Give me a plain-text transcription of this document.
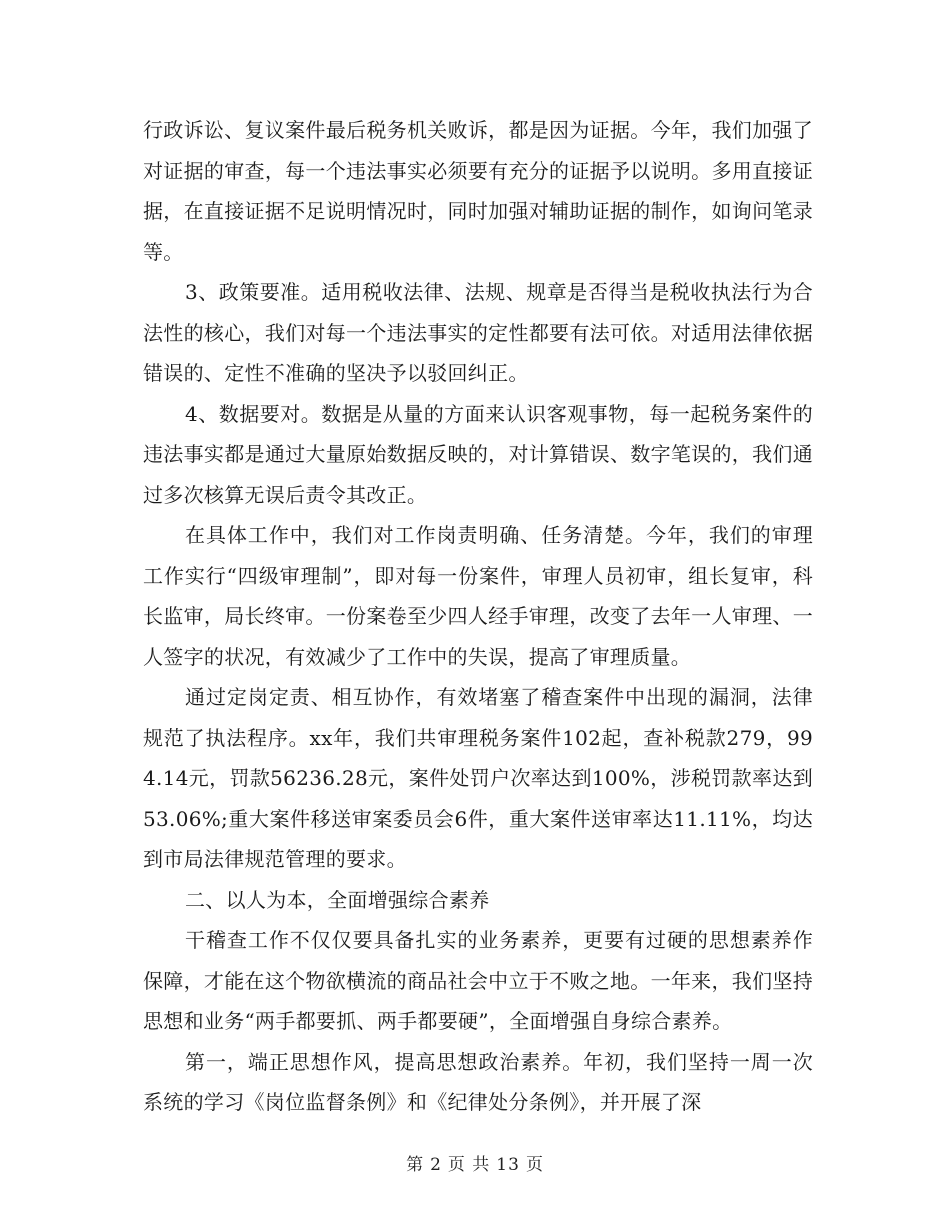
行政诉讼、复议案件最后税务机关败诉，都是因为证据。今年，我们加强了对证据的审查，每一个违法事实必须要有充分的证据予以说明。多用直接证据，在直接证据不足说明情况时，同时加强对辅助证据的制作，如询问笔录等。

3、政策要准。适用税收法律、法规、规章是否得当是税收执法行为合法性的核心，我们对每一个违法事实的定性都要有法可依。对适用法律依据错误的、定性不准确的坚决予以驳回纠正。

4、数据要对。数据是从量的方面来认识客观事物，每一起税务案件的违法事实都是通过大量原始数据反映的，对计算错误、数字笔误的，我们通过多次核算无误后责令其改正。

在具体工作中，我们对工作岗责明确、任务清楚。今年，我们的审理工作实行“四级审理制”，即对每一份案件，审理人员初审，组长复审，科长监审，局长终审。一份案卷至少四人经手审理，改变了去年一人审理、一人签字的状况，有效减少了工作中的失误，提高了审理质量。

通过定岗定责、相互协作，有效堵塞了稽查案件中出现的漏洞，法律规范了执法程序。xx年，我们共审理税务案件102起，查补税款279，994.14元，罚款56236.28元，案件处罚户次率达到100%，涉税罚款率达到53.06%;重大案件移送审案委员会6件，重大案件送审率达11.11%，均达到市局法律规范管理的要求。

二、以人为本，全面增强综合素养

干稽查工作不仅仅要具备扎实的业务素养，更要有过硬的思想素养作保障，才能在这个物欲横流的商品社会中立于不败之地。一年来，我们坚持思想和业务“两手都要抓、两手都要硬”，全面增强自身综合素养。

第一，端正思想作风，提高思想政治素养。年初，我们坚持一周一次系统的学习《岗位监督条例》和《纪律处分条例》，并开展了深

第 2 页 共 13 页
